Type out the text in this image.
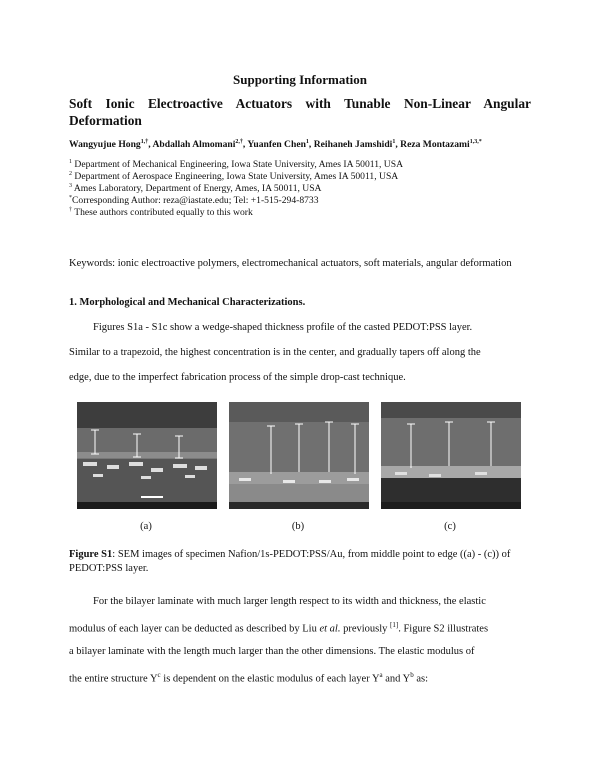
Supporting Information
Soft Ionic Electroactive Actuators with Tunable Non-Linear Angular Deformation
Wangyujue Hong$^{1,\dagger}$, Abdallah Almomani$^{2,\dagger}$, Yuanfen Chen$^1$, Reihaneh Jamshidi$^1$, Reza Montazami$^{1,3,*}$
$^1$ Department of Mechanical Engineering, Iowa State University, Ames IA 50011, USA
$^2$ Department of Aerospace Engineering, Iowa State University, Ames IA 50011, USA
$^3$ Ames Laboratory, Department of Energy, Ames, IA 50011, USA
*Corresponding Author: reza@iastate.edu; Tel: +1-515-294-8733
† These authors contributed equally to this work
Keywords: ionic electroactive polymers, electromechanical actuators, soft materials, angular deformation
1. Morphological and Mechanical Characterizations.
Figures S1a - S1c show a wedge-shaped thickness profile of the casted PEDOT:PSS layer.
Similar to a trapezoid, the highest concentration is in the center, and gradually tapers off along the
edge, due to the imperfect fabrication process of the simple drop-cast technique.
(a)	(b)	(c)
Figure S1: SEM images of specimen Nafion/1s-PEDOT:PSS/Au, from middle point to edge ((a) - (c)) of PEDOT:PSS layer.
For the bilayer laminate with much larger length respect to its width and thickness, the elastic
modulus of each layer can be deducted as described by Liu et al. previously [1]. Figure S2 illustrates
a bilayer laminate with the length much larger than the other dimensions. The elastic modulus of
the entire structure $Y^c$ is dependent on the elastic modulus of each layer $Y^a$ and $Y^b$ as:
